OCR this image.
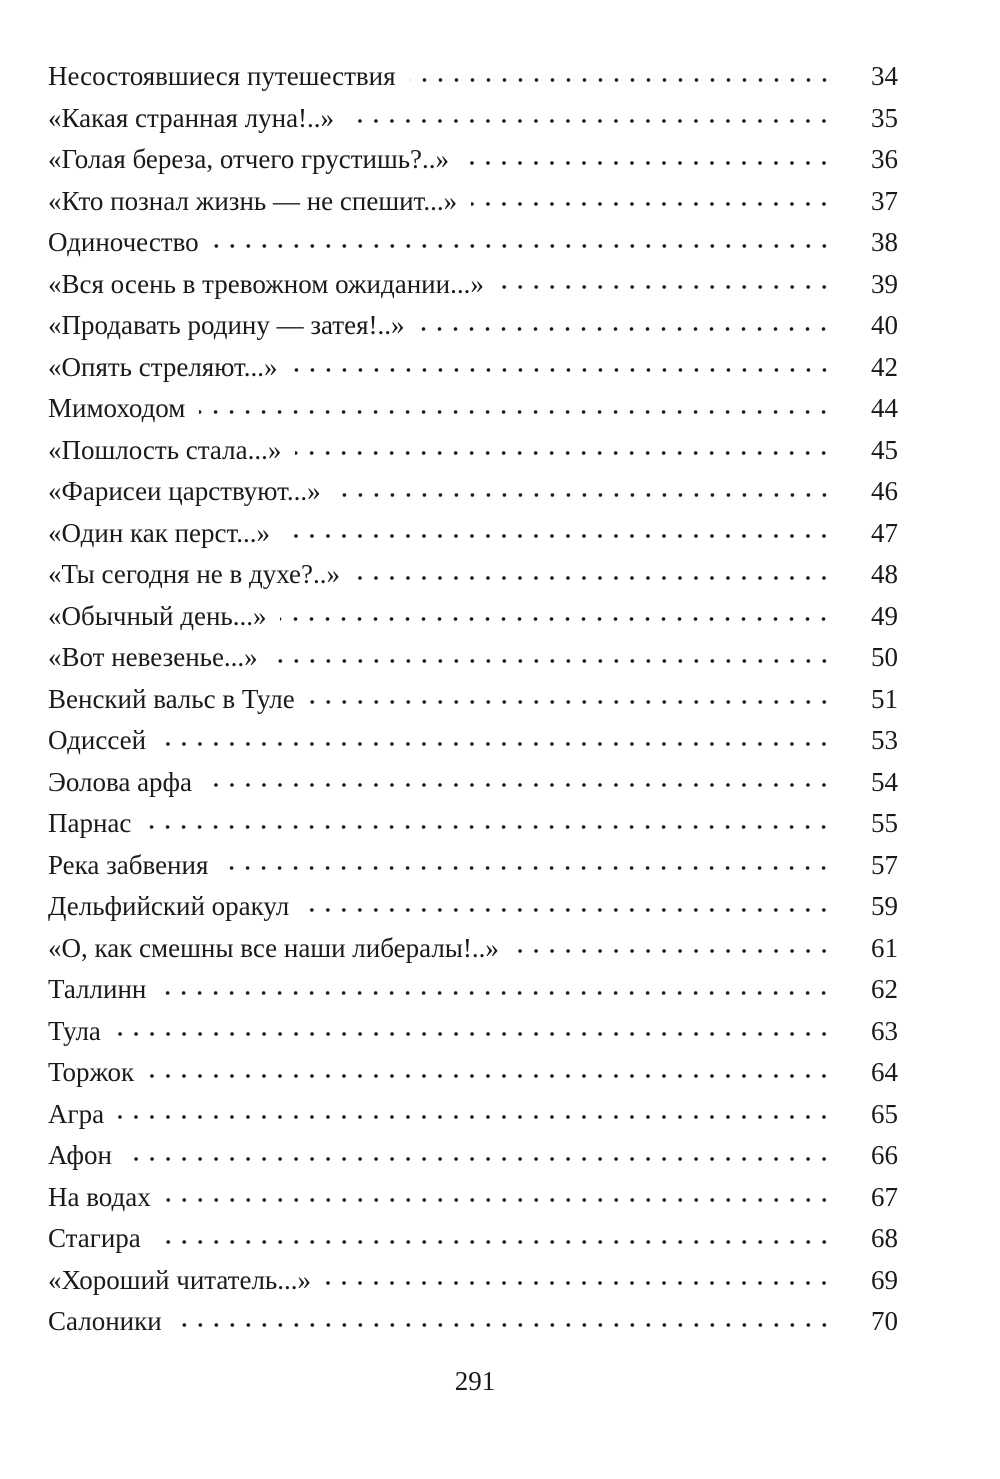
Несостоявшиеся путешествия	34
«Какая странная луна!..»	35
«Голая береза, отчего грустишь?..»	36
«Кто познал жизнь — не спешит...»	37
Одиночество	38
«Вся осень в тревожном ожидании...»	39
«Продавать родину — затея!..»	40
«Опять стреляют...»	42
Мимоходом	44
«Пошлость стала...»	45
«Фарисеи царствуют...»	46
«Один как перст...»	47
«Ты сегодня не в духе?..»	48
«Обычный день...»	49
«Вот невезенье...»	50
Венский вальс в Туле	51
Одиссей	53
Эолова арфа	54
Парнас	55
Река забвения	57
Дельфийский оракул	59
«О, как смешны все наши либералы!..»	61
Таллинн	62
Тула	63
Торжок	64
Агра	65
Афон	66
На водах	67
Стагира	68
«Хороший читатель...»	69
Салоники	70
291
